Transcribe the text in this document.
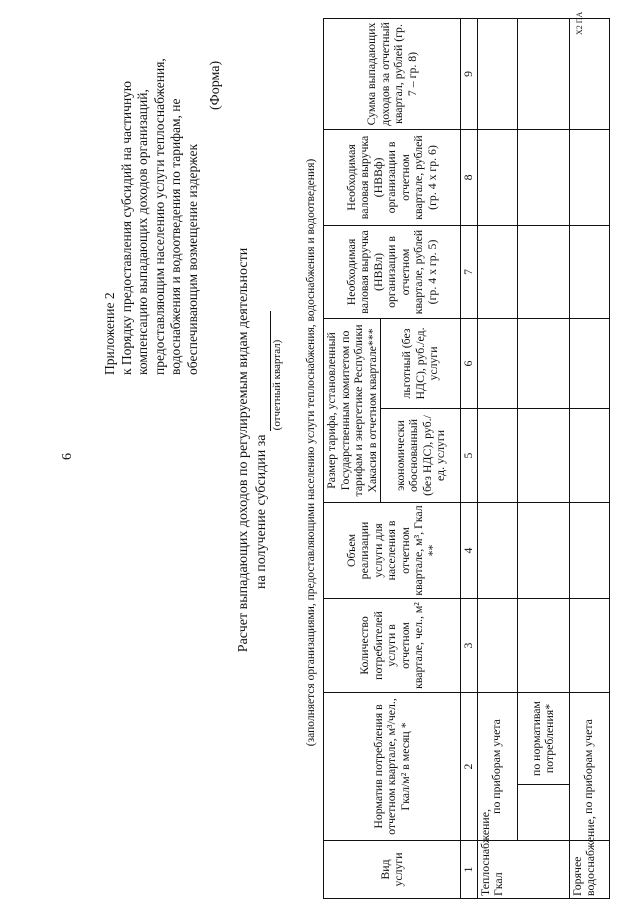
6
Приложение 2 к Порядку предоставления субсидий на частичную компенсацию выпадающих доходов организаций, предоставляющим населению услуги теплоснабжения, водоснабжения и водоотведения по тарифам, не обеспечивающим возмещение издержек
(Форма)
Расчет выпадающих доходов по регулируемым видам деятельности на получение субсидии за
(отчетный квартал) (заполняется организациями, предоставляющими населению услуги теплоснабжения, водоснабжения и водоотведения)
Вид услуги	Норматив потребления в отчетном квартале, м³/чел., Гкал/м² в месяц *		Количество потребителей услуги в отчетном квартале, чел., м²	Объем реализации услуги для населения в отчетном квартале, м³, Гкал **	Размер тарифа, установленный Государственным комитетом по тарифам и энергетике Республики Хакасия в отчетном квартале***		Необходимая валовая выручка (НВВл) организации в отчетном квартале, рублей (гр. 4 x гр. 5)	Необходимая валовая выручка (НВВф) организации в отчетном квартале, рублей (гр. 4 x гр. 6)	Сумма выпадающих доходов за отчетный квартал, рублей (гр. 7 – гр. 8)
					экономически обоснованный (без НДС), руб./ед. услуги	льготный (без НДС), руб./ед. услуги			
1	2		3	4	5	6	7	8	9
Теплоснабжение, Гкал	по приборам учета								
		по нормативам потребления*							
Горячее водоснабжение,	по приборам учета								
Х2 ПА
